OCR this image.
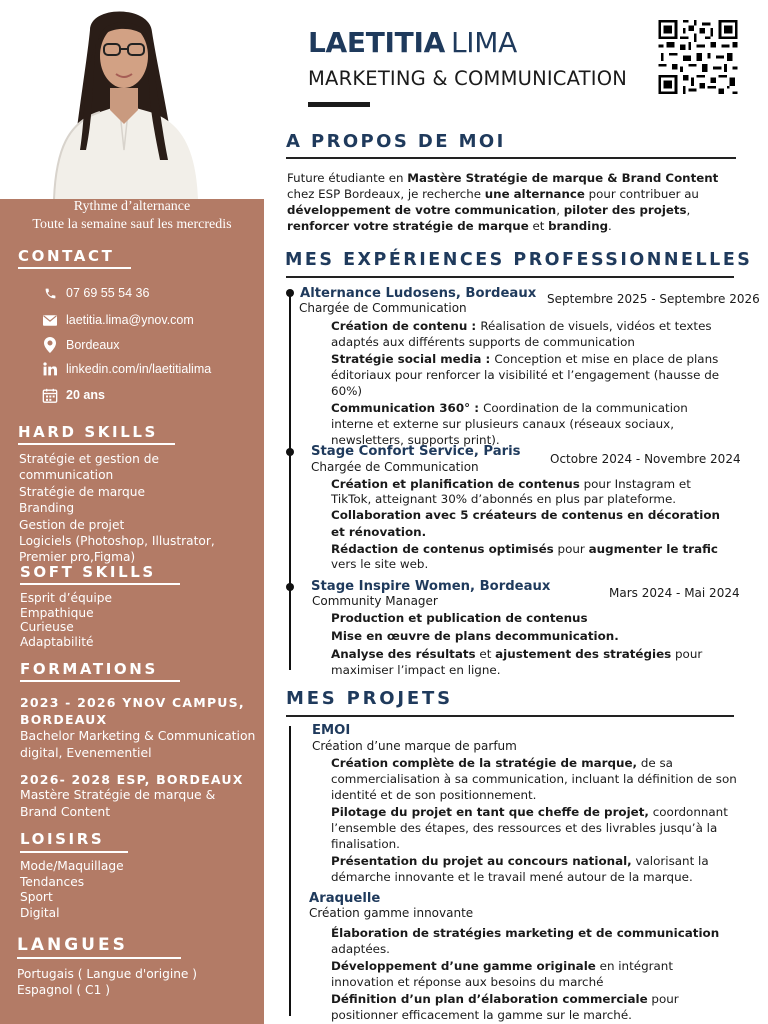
Rythme d’alternance
Toute la semaine sauf les mercredis
CONTACT
07 69 55 54 36
laetitia.lima@ynov.com
Bordeaux
linkedin.com/in/laetitialima
20 ans
HARD SKILLS
Stratégie et gestion de communication
Stratégie de marque
Branding
Gestion de projet
Logiciels (Photoshop, Illustrator, Premier pro,Figma)
SOFT SKILLS
Esprit d’équipe
Empathique
Curieuse
Adaptabilité
FORMATIONS
2023 - 2026 YNOV CAMPUS, BORDEAUX
Bachelor Marketing & Communication digital, Evenementiel
2026- 2028 ESP, BORDEAUX
Mastère Stratégie de marque & Brand Content
LOISIRS
Mode/Maquillage
Tendances
Sport
Digital
LANGUES
Portugais ( Langue d'origine )
Espagnol ( C1 )
LAETITIA LIMA
MARKETING & COMMUNICATION
A PROPOS DE MOI
Future étudiante en Mastère Stratégie de marque & Brand Content chez ESP Bordeaux, je recherche une alternance pour contribuer au développement de votre communication, piloter des projets, renforcer votre stratégie de marque et branding.
MES EXPÉRIENCES PROFESSIONNELLES
Alternance Ludosens, Bordeaux
Chargée de Communication
Septembre 2025 - Septembre 2026
Création de contenu : Réalisation de visuels, vidéos et textes adaptés aux différents supports de communication
Stratégie social media : Conception et mise en place de plans éditoriaux pour renforcer la visibilité et l’engagement (hausse de 60%)
Communication 360° : Coordination de la communication interne et externe sur plusieurs canaux (réseaux sociaux, newsletters, supports print).
Stage Confort Service, Paris
Chargée de Communication
Octobre 2024 - Novembre 2024
Création et planification de contenus pour Instagram et TikTok, atteignant 30% d’abonnés en plus par plateforme.
Collaboration avec 5 créateurs de contenus en décoration et rénovation.
Rédaction de contenus optimisés pour augmenter le trafic vers le site web.
Stage Inspire Women, Bordeaux
Community Manager
Mars 2024 - Mai 2024
Production et publication de contenus
Mise en œuvre de plans decommunication.
Analyse des résultats et ajustement des stratégies pour maximiser l’impact en ligne.
MES PROJETS
EMOI
Création d’une marque de parfum
Création complète de la stratégie de marque, de sa commercialisation à sa communication, incluant la définition de son identité et de son positionnement.
Pilotage du projet en tant que cheffe de projet, coordonnant l’ensemble des étapes, des ressources et des livrables jusqu’à la finalisation.
Présentation du projet au concours national, valorisant la démarche innovante et le travail mené autour de la marque.
Araquelle
Création gamme innovante
Élaboration de stratégies marketing et de communication adaptées.
Développement d’une gamme originale en intégrant innovation et réponse aux besoins du marché
Définition d’un plan d’élaboration commerciale pour positionner efficacement la gamme sur le marché.
